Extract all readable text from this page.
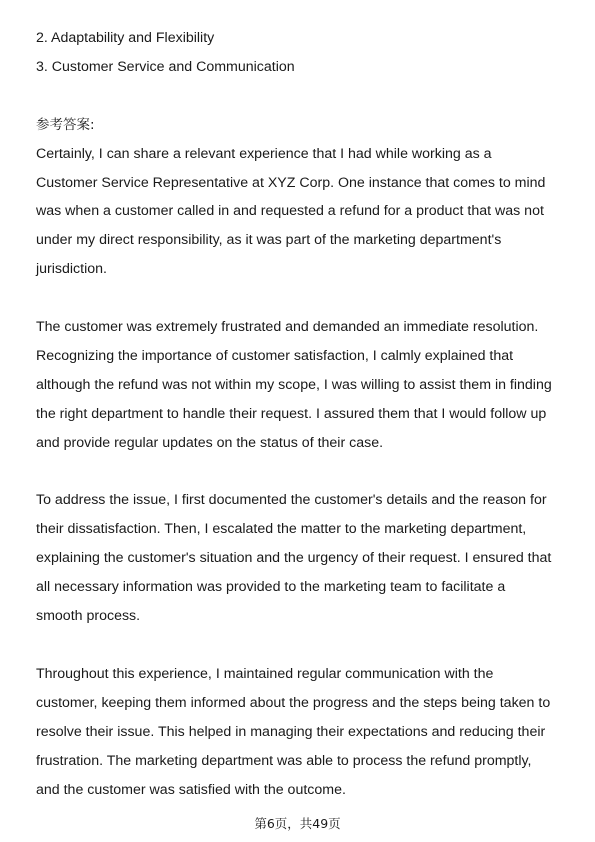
2. Adaptability and Flexibility

3. Customer Service and Communication

参考答案:

Certainly, I can share a relevant experience that I had while working as a

Customer Service Representative at XYZ Corp. One instance that comes to mind

was when a customer called in and requested a refund for a product that was not

under my direct responsibility, as it was part of the marketing department's

jurisdiction.

The customer was extremely frustrated and demanded an immediate resolution.

Recognizing the importance of customer satisfaction, I calmly explained that

although the refund was not within my scope, I was willing to assist them in finding

the right department to handle their request. I assured them that I would follow up

and provide regular updates on the status of their case.

To address the issue, I first documented the customer's details and the reason for

their dissatisfaction. Then, I escalated the matter to the marketing department,

explaining the customer's situation and the urgency of their request. I ensured that

all necessary information was provided to the marketing team to facilitate a

smooth process.

Throughout this experience, I maintained regular communication with the

customer, keeping them informed about the progress and the steps being taken to

resolve their issue. This helped in managing their expectations and reducing their

frustration. The marketing department was able to process the refund promptly,

and the customer was satisfied with the outcome.

第6页，共49页
